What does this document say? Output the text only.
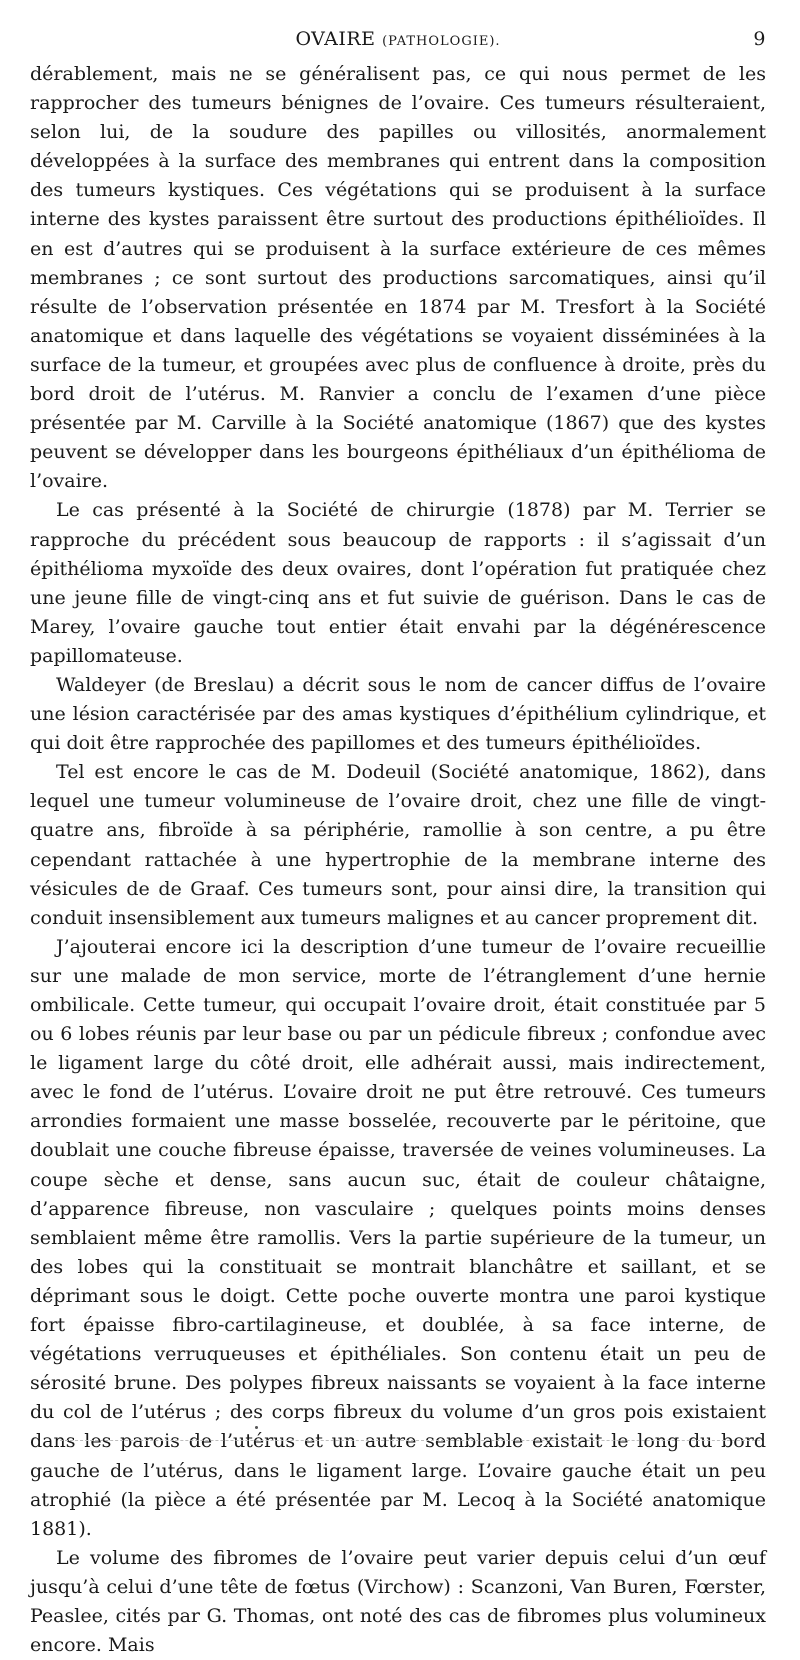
OVAIRE (PATHOLOGIE).	9

dérablement, mais ne se généralisent pas, ce qui nous permet de les rapprocher des tumeurs bénignes de l’ovaire. Ces tumeurs résulteraient, selon lui, de la soudure des papilles ou villosités, anormalement développées à la surface des membranes qui entrent dans la composition des tumeurs kystiques. Ces végétations qui se produisent à la surface interne des kystes paraissent être surtout des productions épithélioïdes. Il en est d’autres qui se produisent à la surface extérieure de ces mêmes membranes ; ce sont surtout des productions sarcomatiques, ainsi qu’il résulte de l’observation présentée en 1874 par M. Tresfort à la Société anatomique et dans laquelle des végétations se voyaient disséminées à la surface de la tumeur, et groupées avec plus de confluence à droite, près du bord droit de l’utérus. M. Ranvier a conclu de l’examen d’une pièce présentée par M. Carville à la Société anatomique (1867) que des kystes peuvent se développer dans les bourgeons épithéliaux d’un épithélioma de l’ovaire.

Le cas présenté à la Société de chirurgie (1878) par M. Terrier se rapproche du précédent sous beaucoup de rapports : il s’agissait d’un épithélioma myxoïde des deux ovaires, dont l’opération fut pratiquée chez une jeune fille de vingt-cinq ans et fut suivie de guérison. Dans le cas de Marey, l’ovaire gauche tout entier était envahi par la dégénérescence papillomateuse.

Waldeyer (de Breslau) a décrit sous le nom de cancer diffus de l’ovaire une lésion caractérisée par des amas kystiques d’épithélium cylindrique, et qui doit être rapprochée des papillomes et des tumeurs épithélioïdes.

Tel est encore le cas de M. Dodeuil (Société anatomique, 1862), dans lequel une tumeur volumineuse de l’ovaire droit, chez une fille de vingt-quatre ans, fibroïde à sa périphérie, ramollie à son centre, a pu être cependant rattachée à une hypertrophie de la membrane interne des vésicules de de Graaf. Ces tumeurs sont, pour ainsi dire, la transition qui conduit insensiblement aux tumeurs malignes et au cancer proprement dit.

J’ajouterai encore ici la description d’une tumeur de l’ovaire recueillie sur une malade de mon service, morte de l’étranglement d’une hernie ombilicale. Cette tumeur, qui occupait l’ovaire droit, était constituée par 5 ou 6 lobes réunis par leur base ou par un pédicule fibreux ; confondue avec le ligament large du côté droit, elle adhérait aussi, mais indirectement, avec le fond de l’utérus. L’ovaire droit ne put être retrouvé. Ces tumeurs arrondies formaient une masse bosselée, recouverte par le péritoine, que doublait une couche fibreuse épaisse, traversée de veines volumineuses. La coupe sèche et dense, sans aucun suc, était de couleur châtaigne, d’apparence fibreuse, non vasculaire ; quelques points moins denses semblaient même être ramollis. Vers la partie supérieure de la tumeur, un des lobes qui la constituait se montrait blanchâtre et saillant, et se déprimant sous le doigt. Cette poche ouverte montra une paroi kystique fort épaisse fibro-cartilagineuse, et doublée, à sa face interne, de végétations verruqueuses et épithéliales. Son contenu était un peu de sérosité brune. Des polypes fibreux naissants se voyaient à la face interne du col de l’utérus ; des corps fibreux du volume d’un gros pois existaient dans les parois de l’utérus et un autre semblable existait le long du bord gauche de l’utérus, dans le ligament large. L’ovaire gauche était un peu atrophié (la pièce a été présentée par M. Lecoq à la Société anatomique 1881).

Le volume des fibromes de l’ovaire peut varier depuis celui d’un œuf jusqu’à celui d’une tête de fœtus (Virchow) : Scanzoni, Van Buren, Fœrster, Peaslee, cités par G. Thomas, ont noté des cas de fibromes plus volumineux encore. Mais
